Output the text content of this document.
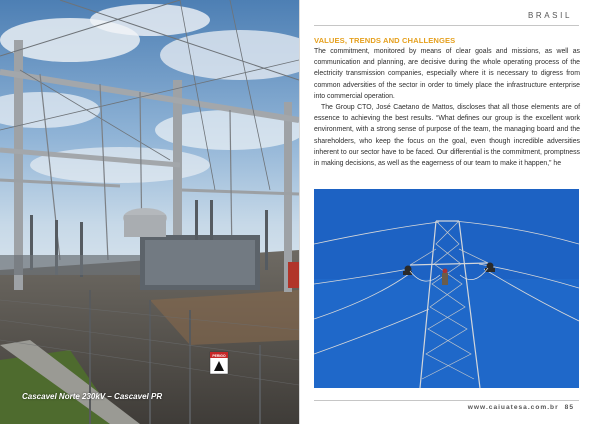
PERIGO
Cascavel Norte 230kV – Cascavel PR
BRASIL
VALUES, TRENDS AND CHALLENGES

The commitment, monitored by means of clear goals and missions, as well as communication and planning, are decisive during the whole operating process of the electricity transmission companies, especially where it is necessary to digress from common adversities of the sector in order to timely place the infrastructure enterprise into commercial operation.

The Group CTO, José Caetano de Mattos, discloses that all those elements are of essence to achieving the best results. “What defines our group is the excellent work environment, with a strong sense of purpose of the team, the managing board and the shareholders, who keep the focus on the goal, even though incredible adversities inherent to our sector have to be faced. Our differential is the commitment, promptness in making decisions, as well as the eagerness of our team to make it happen,” he

www.caiuatesa.com.br 85
